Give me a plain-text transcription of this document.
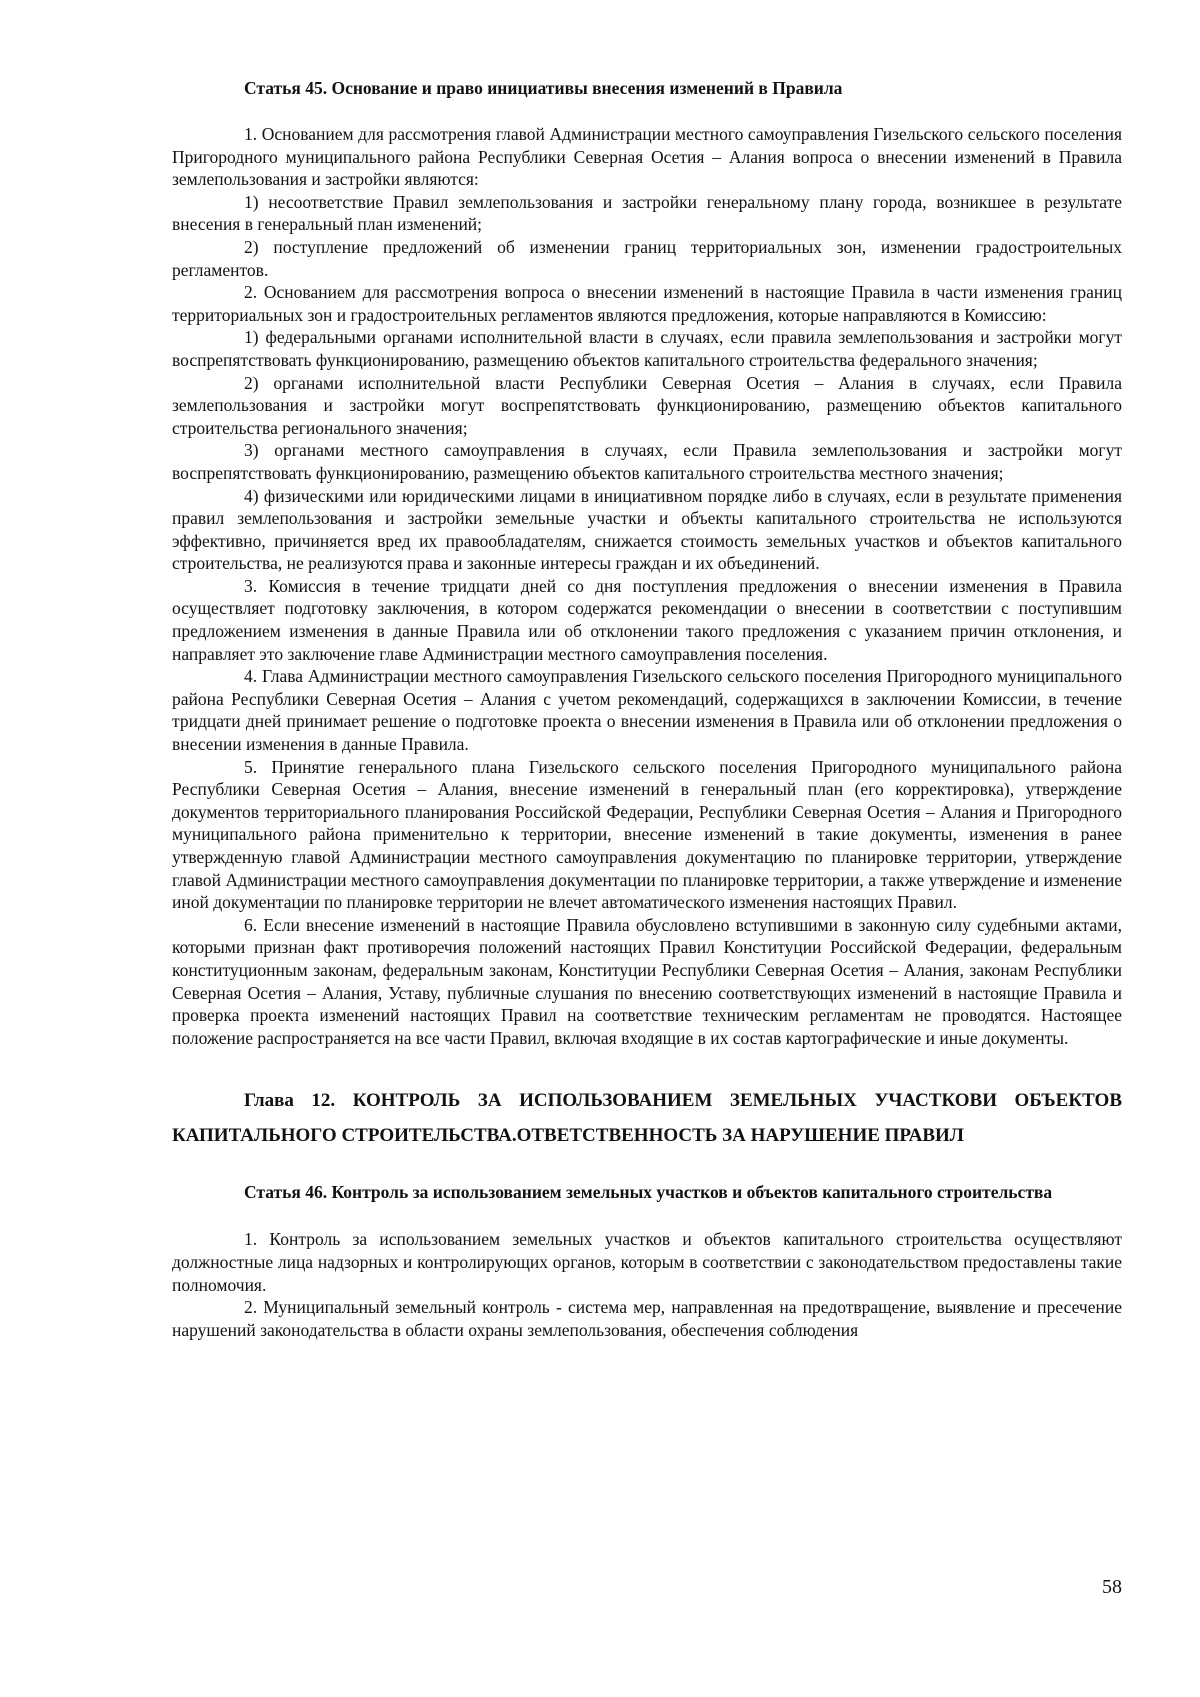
Статья 45. Основание и право инициативы внесения изменений в Правила

1. Основанием для рассмотрения главой Администрации местного самоуправления Гизельского сельского поселения Пригородного муниципального района Республики Северная Осетия – Алания вопроса о внесении изменений в Правила землепользования и застройки являются:

1) несоответствие Правил землепользования и застройки генеральному плану города, возникшее в результате внесения в генеральный план изменений;

2) поступление предложений об изменении границ территориальных зон, изменении градостроительных регламентов.

2. Основанием для рассмотрения вопроса о внесении изменений в настоящие Правила в части изменения границ территориальных зон и градостроительных регламентов являются предложения, которые направляются в Комиссию:

1) федеральными органами исполнительной власти в случаях, если правила землепользования и застройки могут воспрепятствовать функционированию, размещению объектов капитального строительства федерального значения;

2) органами исполнительной власти Республики Северная Осетия – Алания в случаях, если Правила землепользования и застройки могут воспрепятствовать функционированию, размещению объектов капитального строительства регионального значения;

3) органами местного самоуправления в случаях, если Правила землепользования и застройки могут воспрепятствовать функционированию, размещению объектов капитального строительства местного значения;

4) физическими или юридическими лицами в инициативном порядке либо в случаях, если в результате применения правил землепользования и застройки земельные участки и объекты капитального строительства не используются эффективно, причиняется вред их правообладателям, снижается стоимость земельных участков и объектов капитального строительства, не реализуются права и законные интересы граждан и их объединений.

3. Комиссия в течение тридцати дней со дня поступления предложения о внесении изменения в Правила осуществляет подготовку заключения, в котором содержатся рекомендации о внесении в соответствии с поступившим предложением изменения в данные Правила или об отклонении такого предложения с указанием причин отклонения, и направляет это заключение главе Администрации местного самоуправления поселения.

4. Глава Администрации местного самоуправления Гизельского сельского поселения Пригородного муниципального района Республики Северная Осетия – Алания с учетом рекомендаций, содержащихся в заключении Комиссии, в течение тридцати дней принимает решение о подготовке проекта о внесении изменения в Правила или об отклонении предложения о внесении изменения в данные Правила.

5. Принятие генерального плана Гизельского сельского поселения Пригородного муниципального района Республики Северная Осетия – Алания, внесение изменений в генеральный план (его корректировка), утверждение документов территориального планирования Российской Федерации, Республики Северная Осетия – Алания и Пригородного муниципального района применительно к территории, внесение изменений в такие документы, изменения в ранее утвержденную главой Администрации местного самоуправления документацию по планировке территории, утверждение главой Администрации местного самоуправления документации по планировке территории, а также утверждение и изменение иной документации по планировке территории не влечет автоматического изменения настоящих Правил.

6. Если внесение изменений в настоящие Правила обусловлено вступившими в законную силу судебными актами, которыми признан факт противоречия положений настоящих Правил Конституции Российской Федерации, федеральным конституционным законам, федеральным законам, Конституции Республики Северная Осетия – Алания, законам Республики Северная Осетия – Алания, Уставу, публичные слушания по внесению соответствующих изменений в настоящие Правила и проверка проекта изменений настоящих Правил на соответствие техническим регламентам не проводятся. Настоящее положение распространяется на все части Правил, включая входящие в их состав картографические и иные документы.

Глава 12. КОНТРОЛЬ ЗА ИСПОЛЬЗОВАНИЕМ ЗЕМЕЛЬНЫХ УЧАСТКОВИ ОБЪЕКТОВ КАПИТАЛЬНОГО СТРОИТЕЛЬСТВА.ОТВЕТСТВЕННОСТЬ ЗА НАРУШЕНИЕ ПРАВИЛ
Статья 46. Контроль за использованием земельных участков и объектов капитального строительства

1. Контроль за использованием земельных участков и объектов капитального строительства осуществляют должностные лица надзорных и контролирующих органов, которым в соответствии с законодательством предоставлены такие полномочия.

2. Муниципальный земельный контроль - система мер, направленная на предотвращение, выявление и пресечение нарушений законодательства в области охраны землепользования, обеспечения соблюдения

58
